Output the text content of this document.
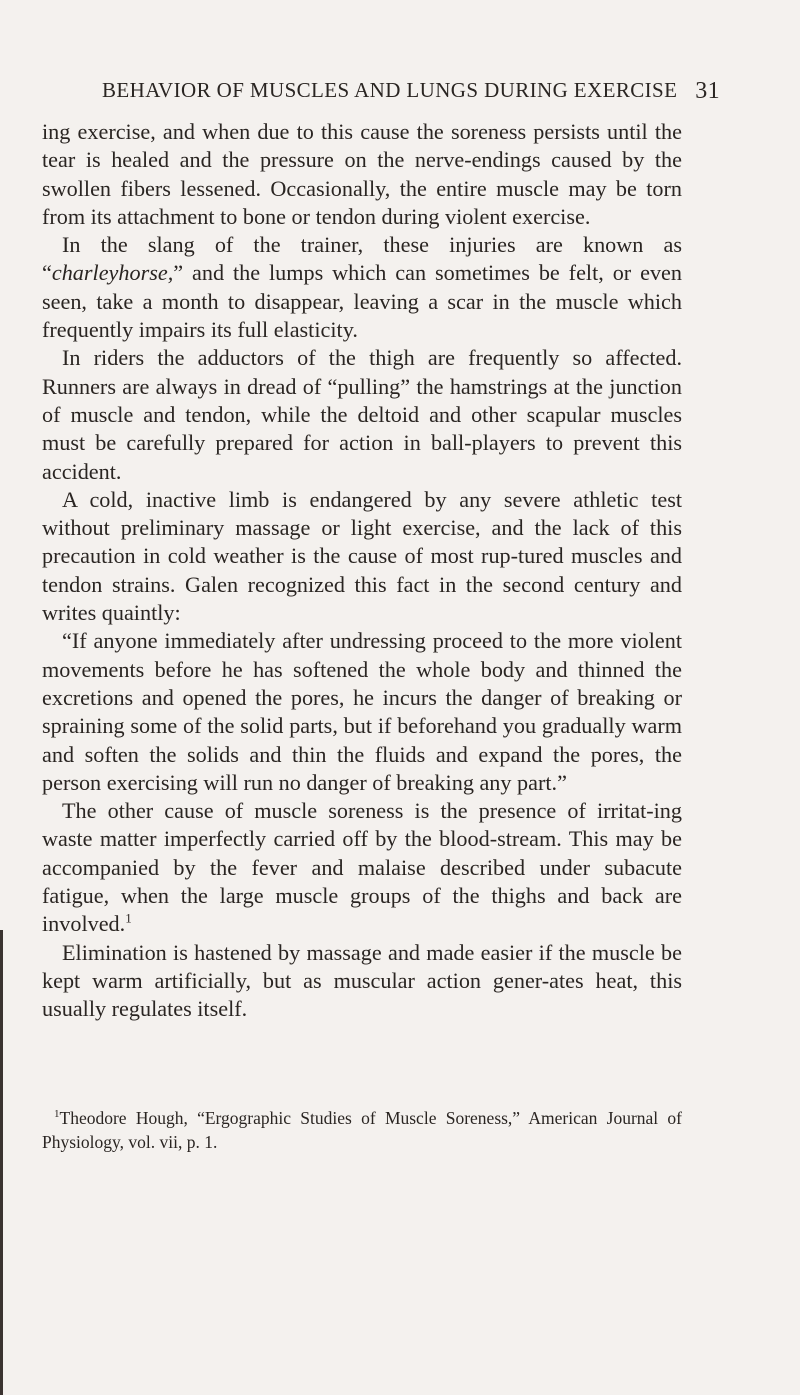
BEHAVIOR OF MUSCLES AND LUNGS DURING EXERCISE 31

ing exercise, and when due to this cause the soreness persists until the tear is healed and the pressure on the nerve-endings caused by the swollen fibers lessened. Occasionally, the entire muscle may be torn from its attachment to bone or tendon during violent exercise.

In the slang of the trainer, these injuries are known as “charleyhorse,” and the lumps which can sometimes be felt, or even seen, take a month to disappear, leaving a scar in the muscle which frequently impairs its full elasticity.

In riders the adductors of the thigh are frequently so affected. Runners are always in dread of “pulling” the hamstrings at the junction of muscle and tendon, while the deltoid and other scapular muscles must be carefully prepared for action in ball-players to prevent this accident.

A cold, inactive limb is endangered by any severe athletic test without preliminary massage or light exercise, and the lack of this precaution in cold weather is the cause of most rup-tured muscles and tendon strains. Galen recognized this fact in the second century and writes quaintly:

“If anyone immediately after undressing proceed to the more violent movements before he has softened the whole body and thinned the excretions and opened the pores, he incurs the danger of breaking or spraining some of the solid parts, but if beforehand you gradually warm and soften the solids and thin the fluids and expand the pores, the person exercising will run no danger of breaking any part.”

The other cause of muscle soreness is the presence of irritat-ing waste matter imperfectly carried off by the blood-stream. This may be accompanied by the fever and malaise described under subacute fatigue, when the large muscle groups of the thighs and back are involved.$^1$

Elimination is hastened by massage and made easier if the muscle be kept warm artificially, but as muscular action gener-ates heat, this usually regulates itself.

$^1$Theodore Hough, “Ergographic Studies of Muscle Soreness,” American Journal of Physiology, vol. vii, p. 1.
